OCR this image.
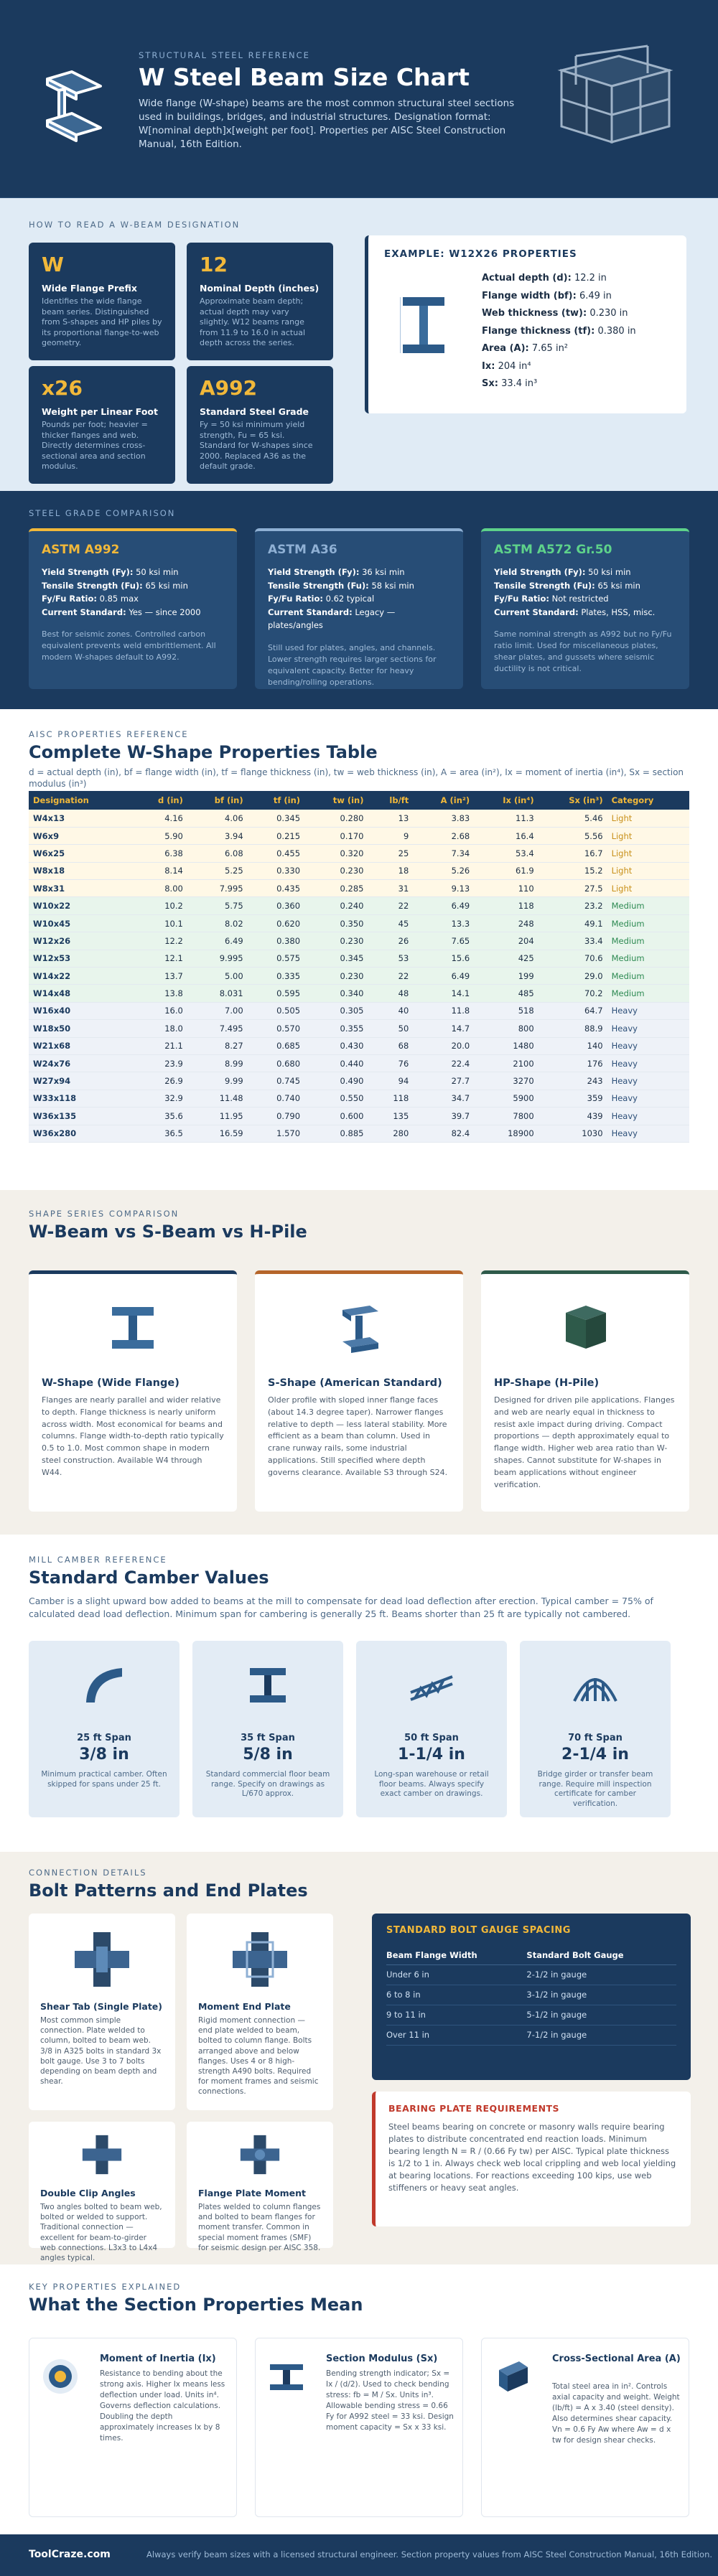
STRUCTURAL STEEL REFERENCE
W Steel Beam Size Chart

Wide flange (W-shape) beams are the most common structural steel sections used in buildings, bridges, and industrial structures. Designation format: W[nominal depth]x[weight per foot]. Properties per AISC Steel Construction Manual, 16th Edition.

HOW TO READ A W-BEAM DESIGNATION
W
Wide Flange Prefix
Identifies the wide flange beam series. Distinguished from S-shapes and HP piles by its proportional flange-to-web geometry.
12
Nominal Depth (inches)
Approximate beam depth; actual depth may vary slightly. W12 beams range from 11.9 to 16.0 in actual depth across the series.
x26
Weight per Linear Foot
Pounds per foot; heavier = thicker flanges and web. Directly determines cross-sectional area and section modulus.
A992
Standard Steel Grade
Fy = 50 ksi minimum yield strength, Fu = 65 ksi. Standard for W-shapes since 2000. Replaced A36 as the default grade.
EXAMPLE: W12X26 PROPERTIES
Actual depth (d): 12.2 in
Flange width (bf): 6.49 in
Web thickness (tw): 0.230 in
Flange thickness (tf): 0.380 in
Area (A): 7.65 in²
Ix: 204 in⁴
Sx: 33.4 in³
STEEL GRADE COMPARISON
ASTM A992
Yield Strength (Fy): 50 ksi min
Tensile Strength (Fu): 65 ksi min
Fy/Fu Ratio: 0.85 max
Current Standard: Yes — since 2000
Best for seismic zones. Controlled carbon equivalent prevents weld embrittlement. All modern W-shapes default to A992.
ASTM A36
Yield Strength (Fy): 36 ksi min
Tensile Strength (Fu): 58 ksi min
Fy/Fu Ratio: 0.62 typical
Current Standard: Legacy — plates/angles
Still used for plates, angles, and channels. Lower strength requires larger sections for equivalent capacity. Better for heavy bending/rolling operations.
ASTM A572 Gr.50
Yield Strength (Fy): 50 ksi min
Tensile Strength (Fu): 65 ksi min
Fy/Fu Ratio: Not restricted
Current Standard: Plates, HSS, misc.
Same nominal strength as A992 but no Fy/Fu ratio limit. Used for miscellaneous plates, shear plates, and gussets where seismic ductility is not critical.
AISC PROPERTIES REFERENCE
Complete W-Shape Properties Table

d = actual depth (in), bf = flange width (in), tf = flange thickness (in), tw = web thickness (in), A = area (in²), Ix = moment of inertia (in⁴), Sx = section modulus (in³)

Designation	d (in)	bf (in)	tf (in)	tw (in)	lb/ft	A (in²)	Ix (in⁴)	Sx (in³)	Category
W4x13	4.16	4.06	0.345	0.280	13	3.83	11.3	5.46	Light
W6x9	5.90	3.94	0.215	0.170	9	2.68	16.4	5.56	Light
W6x25	6.38	6.08	0.455	0.320	25	7.34	53.4	16.7	Light
W8x18	8.14	5.25	0.330	0.230	18	5.26	61.9	15.2	Light
W8x31	8.00	7.995	0.435	0.285	31	9.13	110	27.5	Light
W10x22	10.2	5.75	0.360	0.240	22	6.49	118	23.2	Medium
W10x45	10.1	8.02	0.620	0.350	45	13.3	248	49.1	Medium
W12x26	12.2	6.49	0.380	0.230	26	7.65	204	33.4	Medium
W12x53	12.1	9.995	0.575	0.345	53	15.6	425	70.6	Medium
W14x22	13.7	5.00	0.335	0.230	22	6.49	199	29.0	Medium
W14x48	13.8	8.031	0.595	0.340	48	14.1	485	70.2	Medium
W16x40	16.0	7.00	0.505	0.305	40	11.8	518	64.7	Heavy
W18x50	18.0	7.495	0.570	0.355	50	14.7	800	88.9	Heavy
W21x68	21.1	8.27	0.685	0.430	68	20.0	1480	140	Heavy
W24x76	23.9	8.99	0.680	0.440	76	22.4	2100	176	Heavy
W27x94	26.9	9.99	0.745	0.490	94	27.7	3270	243	Heavy
W33x118	32.9	11.48	0.740	0.550	118	34.7	5900	359	Heavy
W36x135	35.6	11.95	0.790	0.600	135	39.7	7800	439	Heavy
W36x280	36.5	16.59	1.570	0.885	280	82.4	18900	1030	Heavy
SHAPE SERIES COMPARISON
W-Beam vs S-Beam vs H-Pile
W-Shape (Wide Flange)
Flanges are nearly parallel and wider relative to depth. Flange thickness is nearly uniform across width. Most economical for beams and columns. Flange width-to-depth ratio typically 0.5 to 1.0. Most common shape in modern steel construction. Available W4 through W44.
S-Shape (American Standard)
Older profile with sloped inner flange faces (about 14.3 degree taper). Narrower flanges relative to depth — less lateral stability. More efficient as a beam than column. Used in crane runway rails, some industrial applications. Still specified where depth governs clearance. Available S3 through S24.
HP-Shape (H-Pile)
Designed for driven pile applications. Flanges and web are nearly equal in thickness to resist axle impact during driving. Compact proportions — depth approximately equal to flange width. Higher web area ratio than W-shapes. Cannot substitute for W-shapes in beam applications without engineer verification.
MILL CAMBER REFERENCE
Standard Camber Values

Camber is a slight upward bow added to beams at the mill to compensate for dead load deflection after erection. Typical camber = 75% of calculated dead load deflection. Minimum span for cambering is generally 25 ft. Beams shorter than 25 ft are typically not cambered.

25 ft Span
3/8 in
Minimum practical camber. Often skipped for spans under 25 ft.
35 ft Span
5/8 in
Standard commercial floor beam range. Specify on drawings as L/670 approx.
50 ft Span
1-1/4 in
Long-span warehouse or retail floor beams. Always specify exact camber on drawings.
70 ft Span
2-1/4 in
Bridge girder or transfer beam range. Require mill inspection certificate for camber verification.
CONNECTION DETAILS
Bolt Patterns and End Plates
Shear Tab (Single Plate)
Most common simple connection. Plate welded to column, bolted to beam web. 3/8 in A325 bolts in standard 3x bolt gauge. Use 3 to 7 bolts depending on beam depth and shear.
Moment End Plate
Rigid moment connection — end plate welded to beam, bolted to column flange. Bolts arranged above and below flanges. Uses 4 or 8 high-strength A490 bolts. Required for moment frames and seismic connections.
Double Clip Angles
Two angles bolted to beam web, bolted or welded to support. Traditional connection — excellent for beam-to-girder web connections. L3x3 to L4x4 angles typical.
Flange Plate Moment
Plates welded to column flanges and bolted to beam flanges for moment transfer. Common in special moment frames (SMF) for seismic design per AISC 358.
STANDARD BOLT GAUGE SPACING
Beam Flange Width	Standard Bolt Gauge
Under 6 in	2-1/2 in gauge
6 to 8 in	3-1/2 in gauge
9 to 11 in	5-1/2 in gauge
Over 11 in	7-1/2 in gauge
BEARING PLATE REQUIREMENTS
Steel beams bearing on concrete or masonry walls require bearing plates to distribute concentrated end reaction loads. Minimum bearing length N = R / (0.66 Fy tw) per AISC. Typical plate thickness is 1/2 to 1 in. Always check web local crippling and web local yielding at bearing locations. For reactions exceeding 100 kips, use web stiffeners or heavy seat angles.
KEY PROPERTIES EXPLAINED
What the Section Properties Mean
Moment of Inertia (Ix)
Resistance to bending about the strong axis. Higher Ix means less deflection under load. Units in⁴. Governs deflection calculations. Doubling the depth approximately increases Ix by 8 times.
Section Modulus (Sx)
Bending strength indicator; Sx = Ix / (d/2). Used to check bending stress: fb = M / Sx. Units in³. Allowable bending stress = 0.66 Fy for A992 steel = 33 ksi. Design moment capacity = Sx x 33 ksi.
Cross-Sectional Area (A)
Total steel area in in². Controls axial capacity and weight. Weight (lb/ft) = A x 3.40 (steel density). Also determines shear capacity. Vn = 0.6 Fy Aw where Aw = d x tw for design shear checks.
ToolCraze.com	Always verify beam sizes with a licensed structural engineer. Section property values from AISC Steel Construction Manual, 16th Edition.
